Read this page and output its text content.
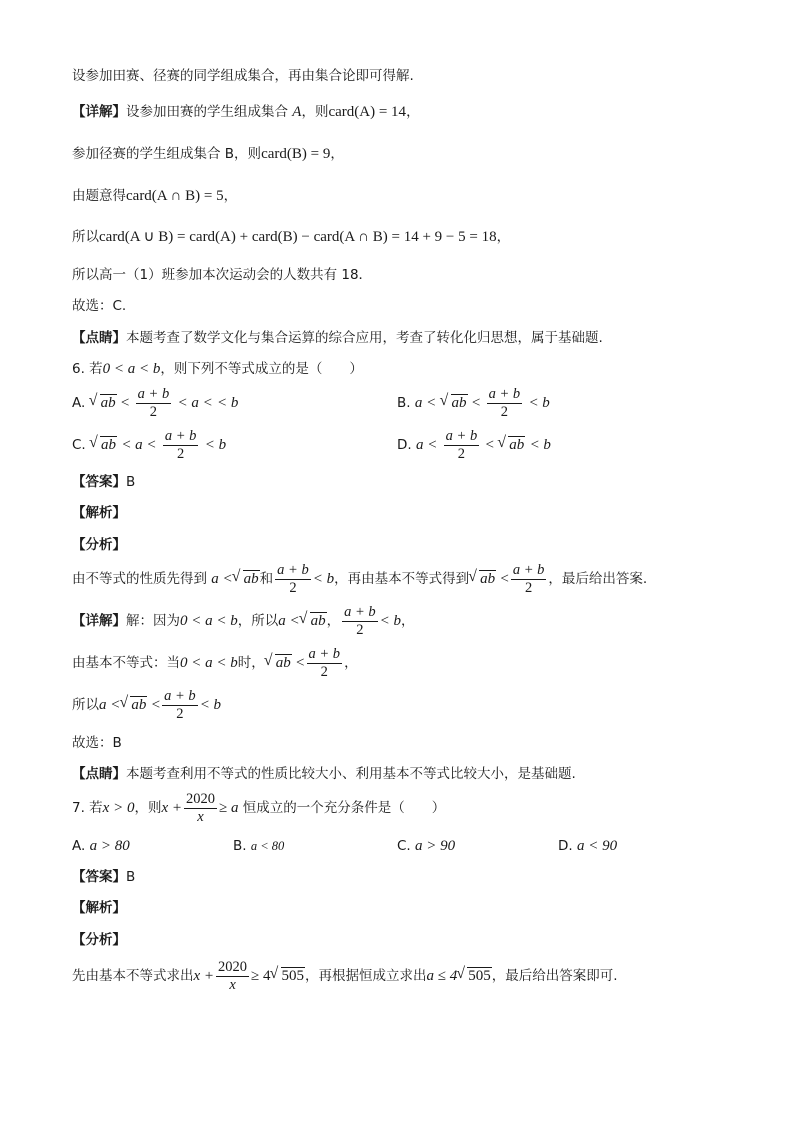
设参加田赛、径赛的同学组成集合，再由集合论即可得解.
【详解】设参加田赛的学生组成集合 A，则card(A) = 14，
参加径赛的学生组成集合 B，则card(B) = 9，
由题意得card(A ∩ B) = 5，
所以card(A ∪ B) = card(A) + card(B) − card(A ∩ B) = 14 + 9 − 5 = 18，
所以高一（1）班参加本次运动会的人数共有 18．
故选：C.
【点睛】本题考查了数学文化与集合运算的综合应用，考查了转化化归思想，属于基础题.
6. 若0 < a < b，则下列不等式成立的是（　　）
A. √ ab < $\frac{a + b}{2} < a$ < < b	B. a < √ ab < $\frac{a + b}{2} < b$
C. √ ab < $a < \frac{a + b}{2} < b$	D. $a < \frac{a + b}{2}$ < √ ab < b
【答案】B
【解析】
【分析】
由不等式的性质先得到 a <√ ab和 $\frac{a + b}{2} < b$，再由基本不等式得到√ ab < $\frac{a + b}{2}$ ，最后给出答案.
【详解】解：因为0 < a < b，所以a <√ ab， $\frac{a + b}{2} < b$，
由基本不等式：当0 < a < b时，√ ab < $\frac{a + b}{2}$ ，
所以a <√ ab < $\frac{a + b}{2} < b$
故选：B
【点睛】本题考查利用不等式的性质比较大小、利用基本不等式比较大小，是基础题.
7. 若x > 0，则$x + \frac{2020}{x} \ge a$ 恒成立的一个充分条件是（　　）
A. a > 80	B. a < 80	C. a > 90	D. a < 90
【答案】B
【解析】
【分析】
先由基本不等式求出$x + \frac{2020}{x} \ge 4√$ 505，再根据恒成立求出a ≤ 4√ 505，最后给出答案即可.
